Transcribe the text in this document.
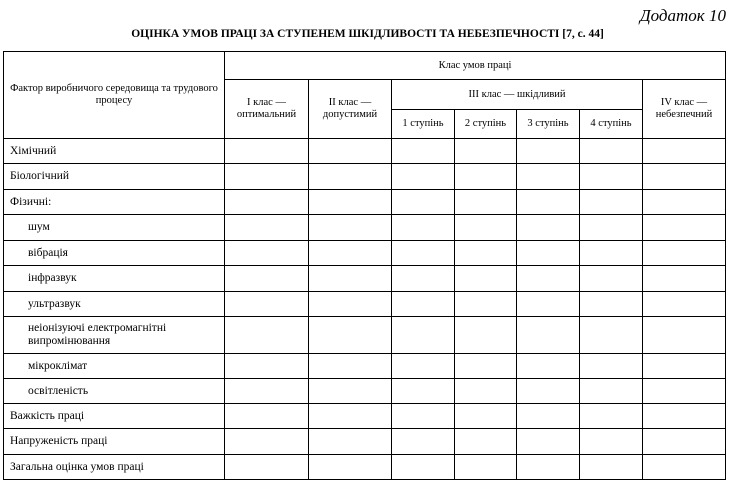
Додаток 10
ОЦІНКА УМОВ ПРАЦІ ЗА СТУПЕНЕМ ШКІДЛИВОСТІ ТА НЕБЕЗПЕЧНОСТІ [7, с. 44]
Фактор виробничого середовища та трудового процесу	Клас умов праці						
	І клас — оптимальний	ІІ клас — допустимий	ІІІ клас — шкідливий				ІV клас — небезпечний
			1 ступінь	2 ступінь	3 ступінь	4 ступінь	
Хімічний							
Біологічний							
Фізичні:							
шум							
вібрація							
інфразвук							
ультразвук							
неіонізуючі електромагнітні випромінювання							
мікроклімат							
освітленість							
Важкість праці							
Напруженість праці							
Загальна оцінка умов праці							
